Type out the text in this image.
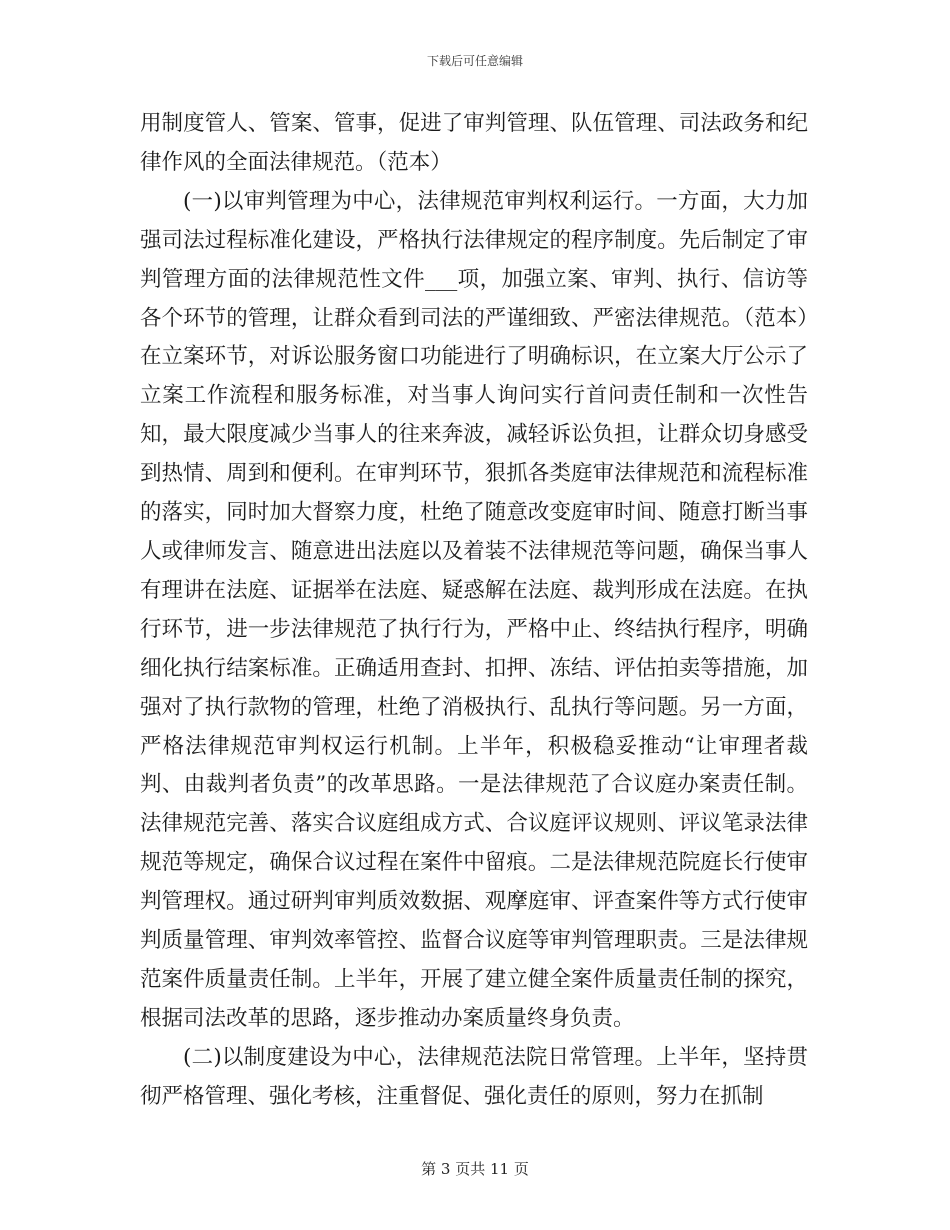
下载后可任意编辑

用制度管人、管案、管事，促进了审判管理、队伍管理、司法政务和纪律作风的全面法律规范。（范本）

(一)以审判管理为中心，法律规范审判权利运行。一方面，大力加强司法过程标准化建设，严格执行法律规定的程序制度。先后制定了审判管理方面的法律规范性文件___项，加强立案、审判、执行、信访等各个环节的管理，让群众看到司法的严谨细致、严密法律规范。（范本）在立案环节，对诉讼服务窗口功能进行了明确标识，在立案大厅公示了立案工作流程和服务标准，对当事人询问实行首问责任制和一次性告知，最大限度减少当事人的往来奔波，减轻诉讼负担，让群众切身感受到热情、周到和便利。在审判环节，狠抓各类庭审法律规范和流程标准的落实，同时加大督察力度，杜绝了随意改变庭审时间、随意打断当事人或律师发言、随意进出法庭以及着装不法律规范等问题，确保当事人有理讲在法庭、证据举在法庭、疑惑解在法庭、裁判形成在法庭。在执行环节，进一步法律规范了执行行为，严格中止、终结执行程序，明确细化执行结案标准。正确适用查封、扣押、冻结、评估拍卖等措施，加强对了执行款物的管理，杜绝了消极执行、乱执行等问题。另一方面，严格法律规范审判权运行机制。上半年，积极稳妥推动“让审理者裁判、由裁判者负责”的改革思路。一是法律规范了合议庭办案责任制。法律规范完善、落实合议庭组成方式、合议庭评议规则、评议笔录法律规范等规定，确保合议过程在案件中留痕。二是法律规范院庭长行使审判管理权。通过研判审判质效数据、观摩庭审、评查案件等方式行使审判质量管理、审判效率管控、监督合议庭等审判管理职责。三是法律规范案件质量责任制。上半年，开展了建立健全案件质量责任制的探究，根据司法改革的思路，逐步推动办案质量终身负责。

(二)以制度建设为中心，法律规范法院日常管理。上半年，坚持贯彻严格管理、强化考核，注重督促、强化责任的原则，努力在抓制

第 3 页共 11 页
